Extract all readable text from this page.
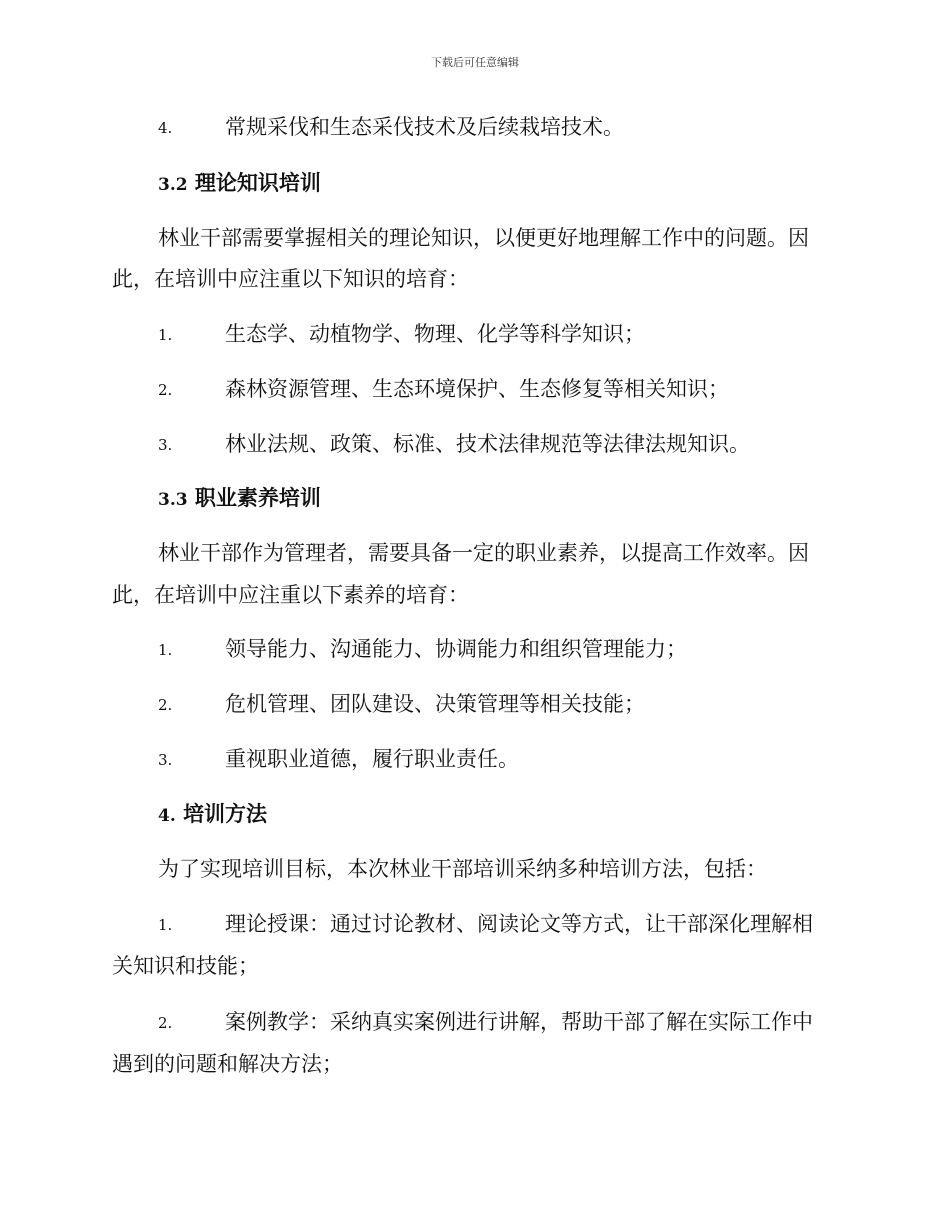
下载后可任意编辑
4.	常规采伐和生态采伐技术及后续栽培技术。
3.2 理论知识培训
林业干部需要掌握相关的理论知识，以便更好地理解工作中的问题。因
此，在培训中应注重以下知识的培育：
1.	生态学、动植物学、物理、化学等科学知识；
2.	森林资源管理、生态环境保护、生态修复等相关知识；
3.	林业法规、政策、标准、技术法律规范等法律法规知识。
3.3 职业素养培训
林业干部作为管理者，需要具备一定的职业素养，以提高工作效率。因
此，在培训中应注重以下素养的培育：
1.	领导能力、沟通能力、协调能力和组织管理能力；
2.	危机管理、团队建设、决策管理等相关技能；
3.	重视职业道德，履行职业责任。
4. 培训方法
为了实现培训目标，本次林业干部培训采纳多种培训方法，包括：
1.	理论授课：通过讨论教材、阅读论文等方式，让干部深化理解相
关知识和技能；
2.	案例教学：采纳真实案例进行讲解，帮助干部了解在实际工作中
遇到的问题和解决方法；
